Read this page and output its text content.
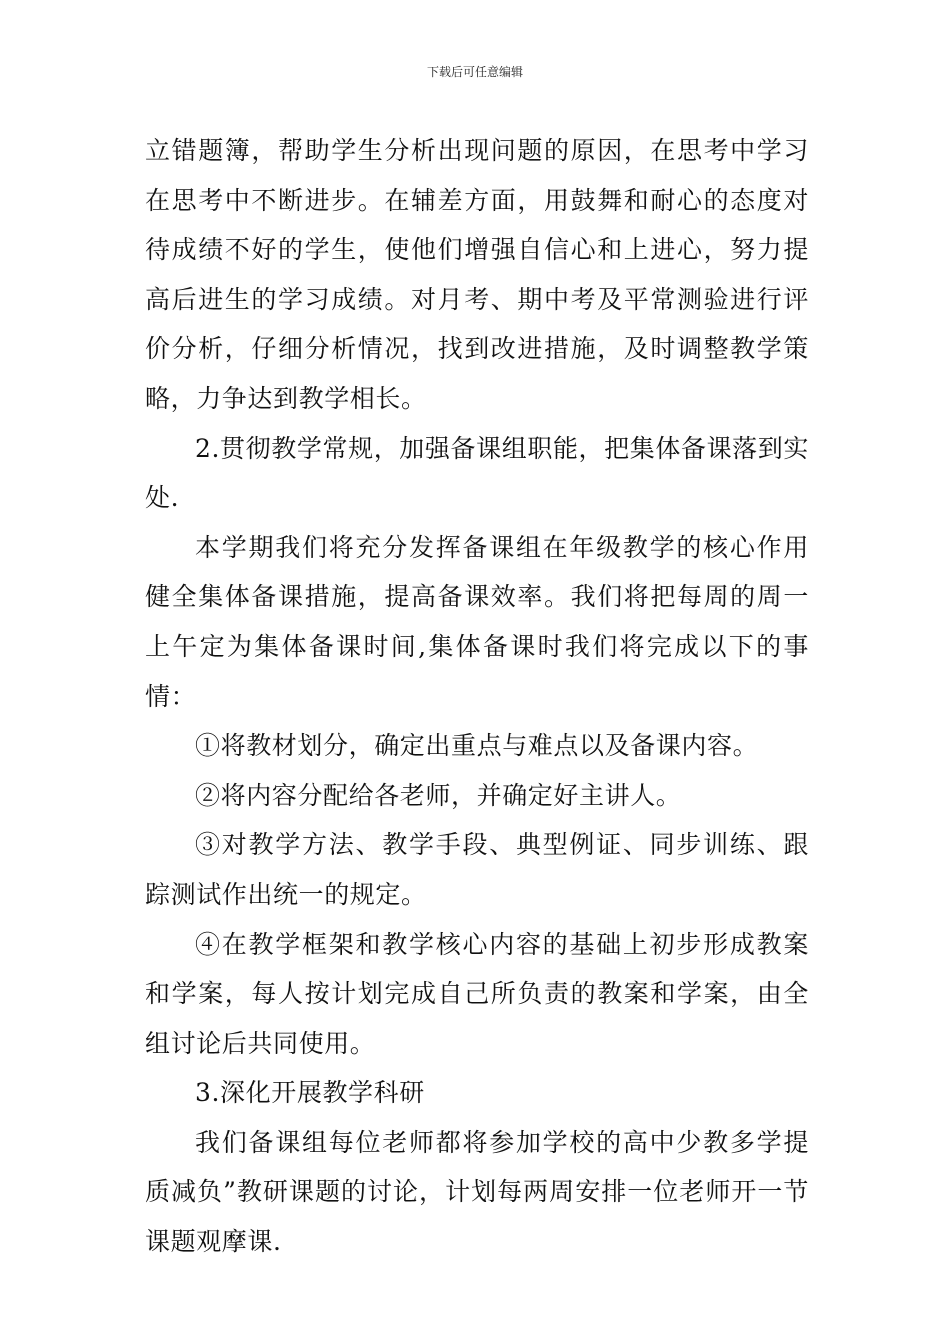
下载后可任意编辑

立错题簿，帮助学生分析出现问题的原因，在思考中学习在思考中不断进步。在辅差方面，用鼓舞和耐心的态度对待成绩不好的学生，使他们增强自信心和上进心，努力提高后进生的学习成绩。对月考、期中考及平常测验进行评价分析，仔细分析情况，找到改进措施，及时调整教学策略，力争达到教学相长。

2.贯彻教学常规，加强备课组职能，把集体备课落到实处.

本学期我们将充分发挥备课组在年级教学的核心作用健全集体备课措施，提高备课效率。我们将把每周的周一上午定为集体备课时间,集体备课时我们将完成以下的事情：

①将教材划分，确定出重点与难点以及备课内容。

②将内容分配给各老师，并确定好主讲人。

③对教学方法、教学手段、典型例证、同步训练、跟踪测试作出统一的规定。

④在教学框架和教学核心内容的基础上初步形成教案和学案，每人按计划完成自己所负责的教案和学案，由全组讨论后共同使用。

3.深化开展教学科研

我们备课组每位老师都将参加学校的高中少教多学提质减负”教研课题的讨论，计划每两周安排一位老师开一节课题观摩课.
